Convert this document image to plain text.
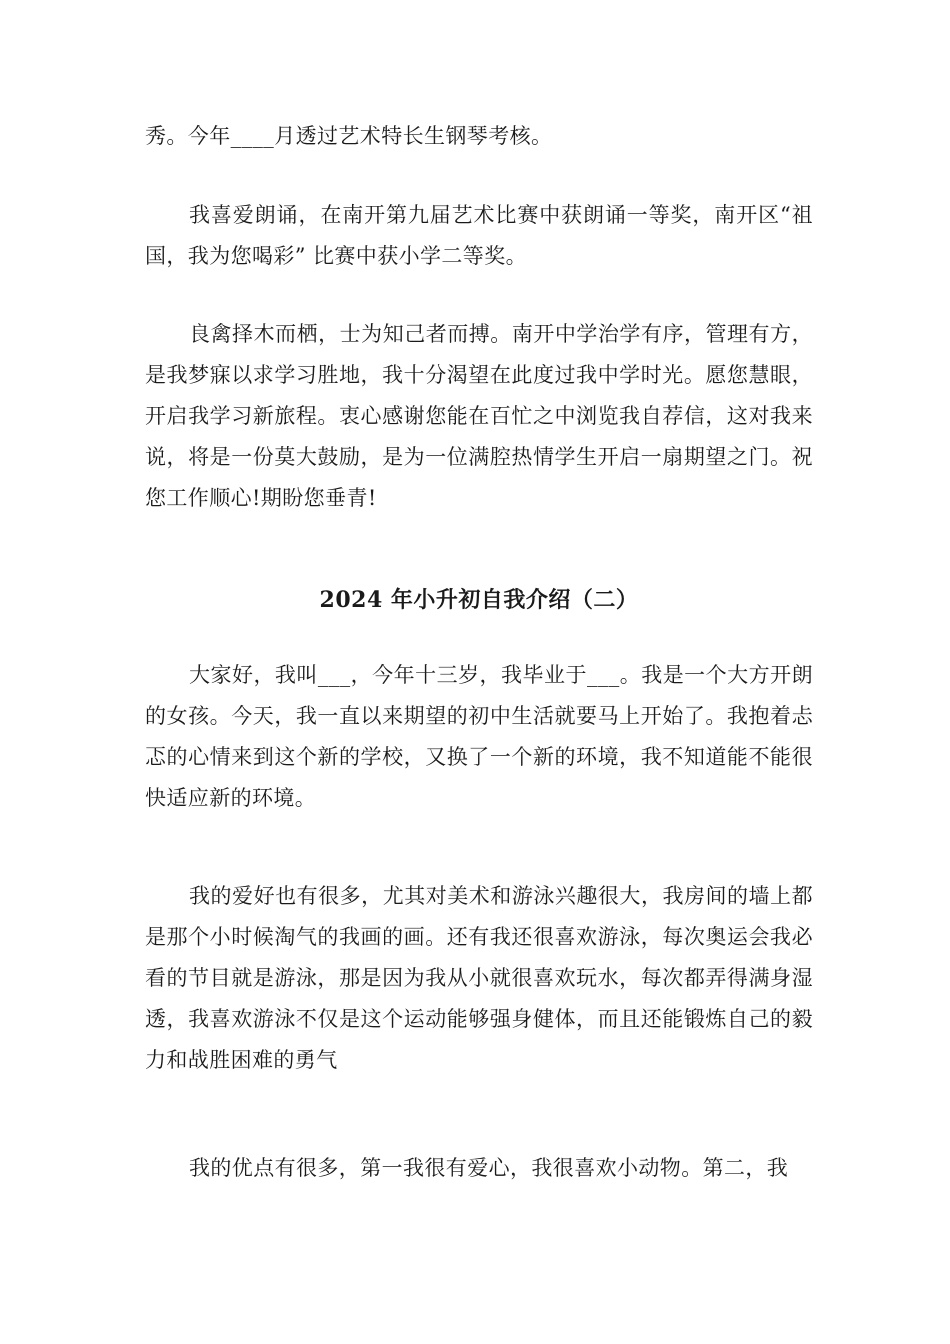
秀。今年____月透过艺术特长生钢琴考核。

我喜爱朗诵，在南开第九届艺术比赛中获朗诵一等奖，南开区“祖国，我为您喝彩” 比赛中获小学二等奖。

良禽择木而栖，士为知己者而搏。南开中学治学有序，管理有方，是我梦寐以求学习胜地，我十分渴望在此度过我中学时光。愿您慧眼，开启我学习新旅程。衷心感谢您能在百忙之中浏览我自荐信，这对我来说，将是一份莫大鼓励，是为一位满腔热情学生开启一扇期望之门。祝您工作顺心!期盼您垂青!

2024 年小升初自我介绍（二）

大家好，我叫___，今年十三岁，我毕业于___。我是一个大方开朗的女孩。今天，我一直以来期望的初中生活就要马上开始了。我抱着忐忑的心情来到这个新的学校，又换了一个新的环境，我不知道能不能很快适应新的环境。

我的爱好也有很多，尤其对美术和游泳兴趣很大，我房间的墙上都是那个小时候淘气的我画的画。还有我还很喜欢游泳，每次奥运会我必看的节目就是游泳，那是因为我从小就很喜欢玩水，每次都弄得满身湿透，我喜欢游泳不仅是这个运动能够强身健体，而且还能锻炼自己的毅力和战胜困难的勇气

我的优点有很多，第一我很有爱心，我很喜欢小动物。第二，我
